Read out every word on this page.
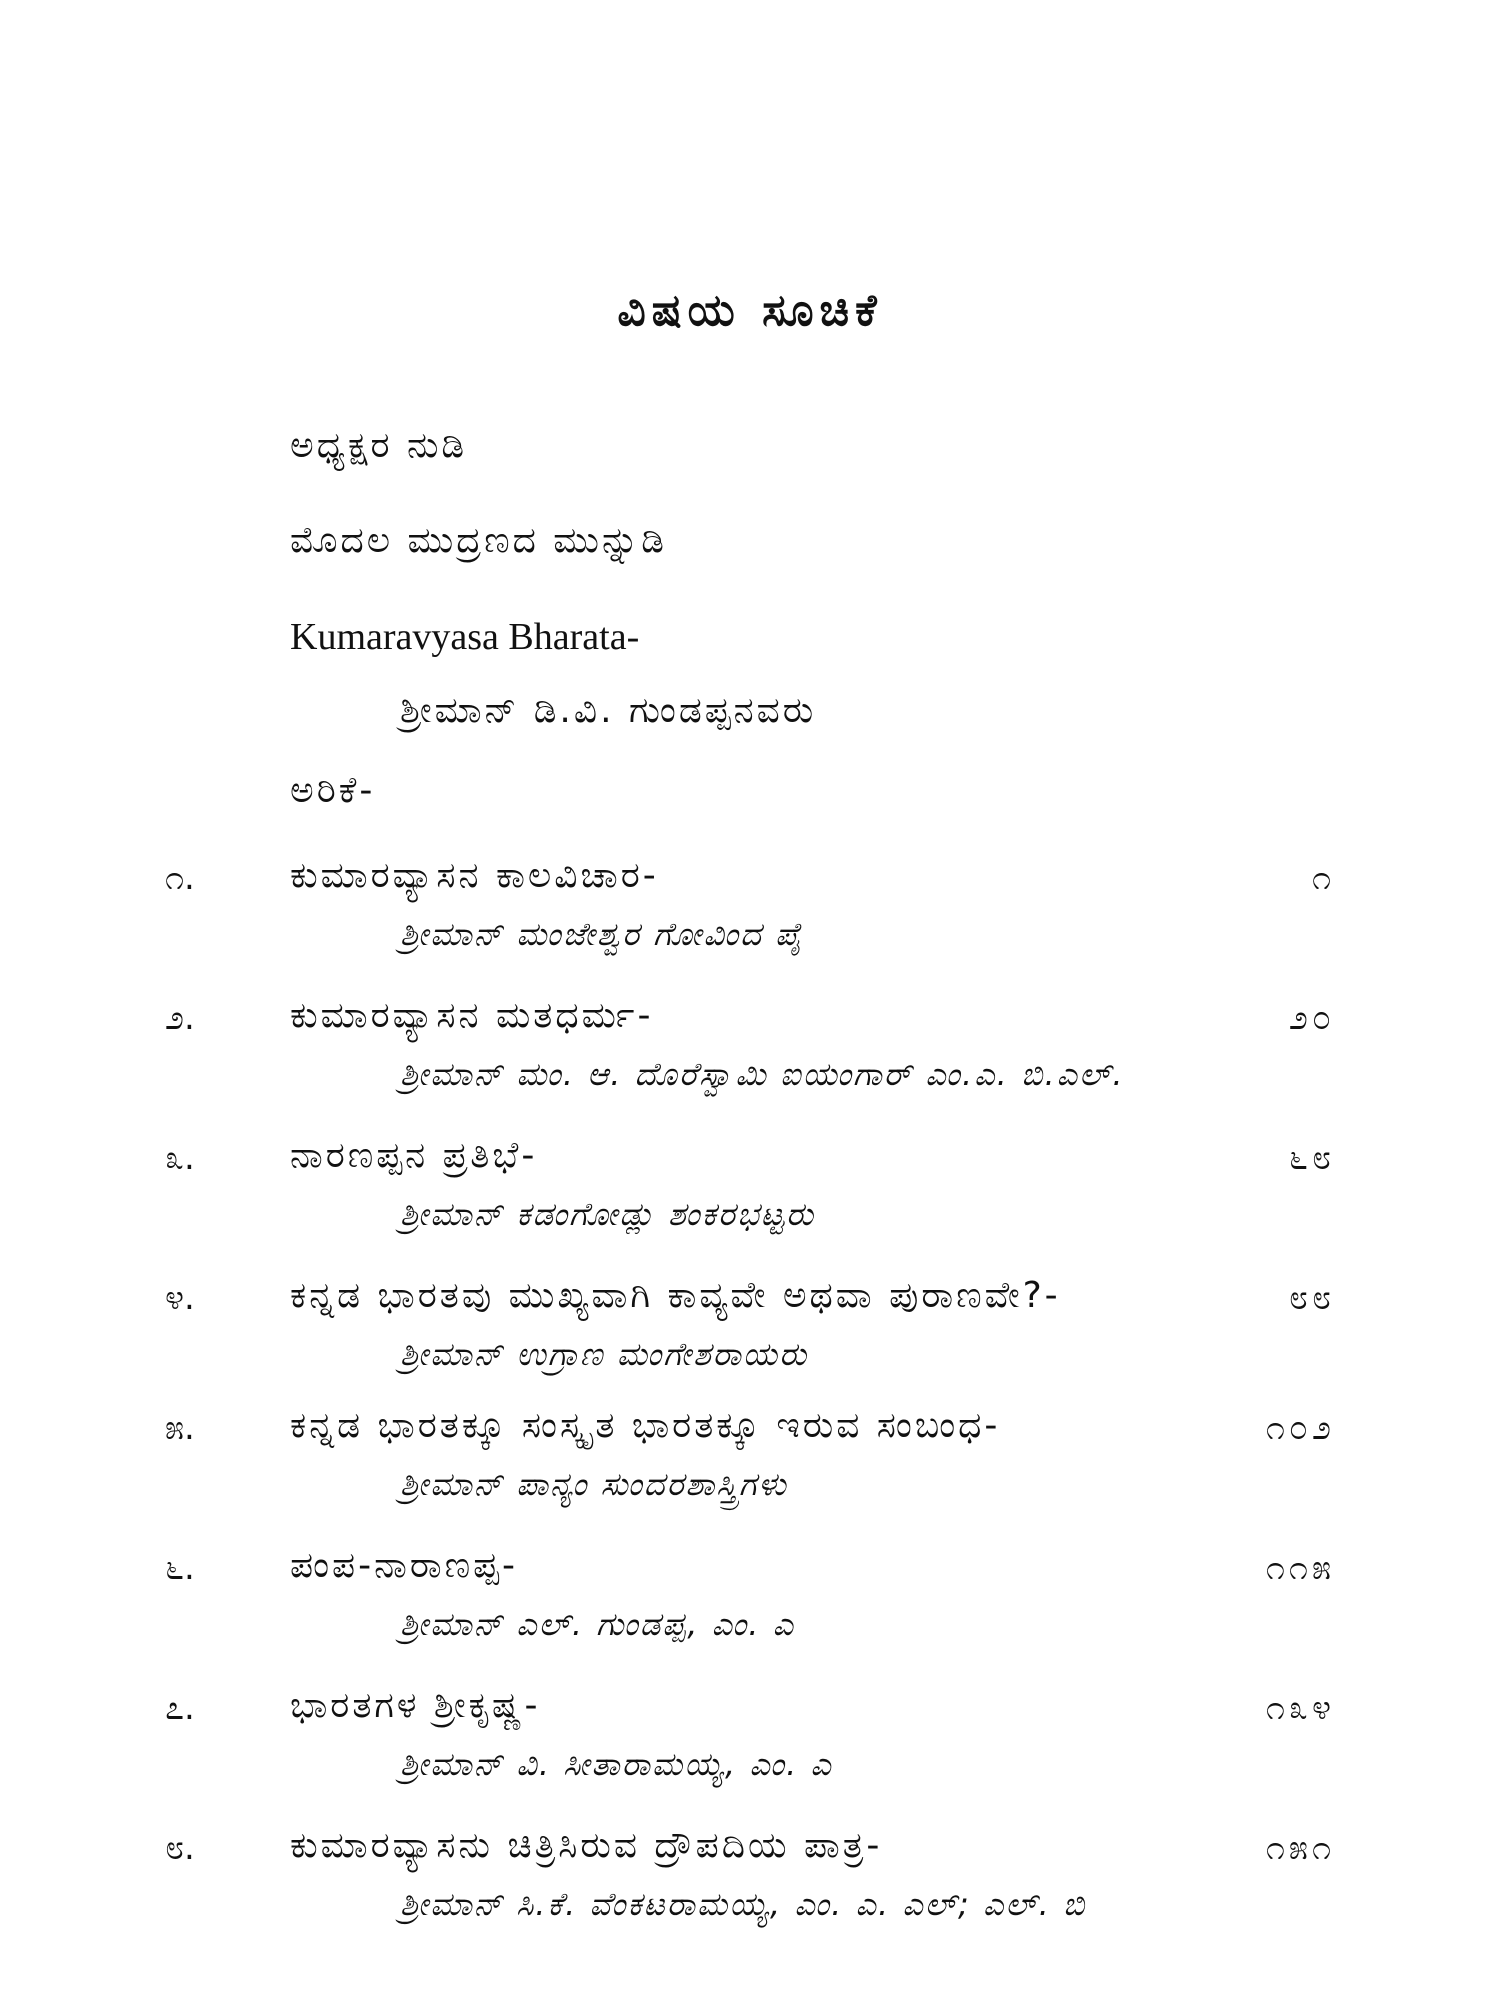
ವಿಷಯ ಸೂಚಿಕೆ
ಅಧ್ಯಕ್ಷರ ನುಡಿ
ಮೊದಲ ಮುದ್ರಣದ ಮುನ್ನುಡಿ
Kumaravyasa Bharata-
ಶ್ರೀಮಾನ್ ಡಿ.ವಿ. ಗುಂಡಪ್ಪನವರು
ಅರಿಕೆ-
೧.	ಕುಮಾರವ್ಯಾಸನ ಕಾಲವಿಚಾರ-	೧
ಶ್ರೀಮಾನ್ ಮಂಜೇಶ್ವರ ಗೋವಿಂದ ಪೈ
೨.	ಕುಮಾರವ್ಯಾಸನ ಮತಧರ್ಮ-	೨೦
ಶ್ರೀಮಾನ್ ಮಂ. ಆ. ದೊರೆಸ್ವಾಮಿ ಐಯಂಗಾರ್ ಎಂ.ಎ. ಬಿ.ಎಲ್.
೩.	ನಾರಣಪ್ಪನ ಪ್ರತಿಭೆ-	೬೮
ಶ್ರೀಮಾನ್ ಕಡಂಗೋಡ್ಲು ಶಂಕರಭಟ್ಟರು
೪.	ಕನ್ನಡ ಭಾರತವು ಮುಖ್ಯವಾಗಿ ಕಾವ್ಯವೇ ಅಥವಾ ಪುರಾಣವೇ?-	೮೮
ಶ್ರೀಮಾನ್ ಉಗ್ರಾಣ ಮಂಗೇಶರಾಯರು
೫.	ಕನ್ನಡ ಭಾರತಕ್ಕೂ ಸಂಸ್ಕೃತ ಭಾರತಕ್ಕೂ ಇರುವ ಸಂಬಂಧ-	೧೦೨
ಶ್ರೀಮಾನ್ ಪಾನ್ಯಂ ಸುಂದರಶಾಸ್ತ್ರಿಗಳು
೬.	ಪಂಪ-ನಾರಾಣಪ್ಪ-	೧೧೫
ಶ್ರೀಮಾನ್ ಎಲ್. ಗುಂಡಪ್ಪ, ಎಂ. ಎ
೭.	ಭಾರತಗಳ ಶ್ರೀಕೃಷ್ಣ-	೧೩೪
ಶ್ರೀಮಾನ್ ವಿ. ಸೀತಾರಾಮಯ್ಯ, ಎಂ. ಎ
೮.	ಕುಮಾರವ್ಯಾಸನು ಚಿತ್ರಿಸಿರುವ ದ್ರೌಪದಿಯ ಪಾತ್ರ-	೧೫೧
ಶ್ರೀಮಾನ್ ಸಿ.ಕೆ. ವೆಂಕಟರಾಮಯ್ಯ, ಎಂ. ಎ. ಎಲ್; ಎಲ್. ಬಿ
